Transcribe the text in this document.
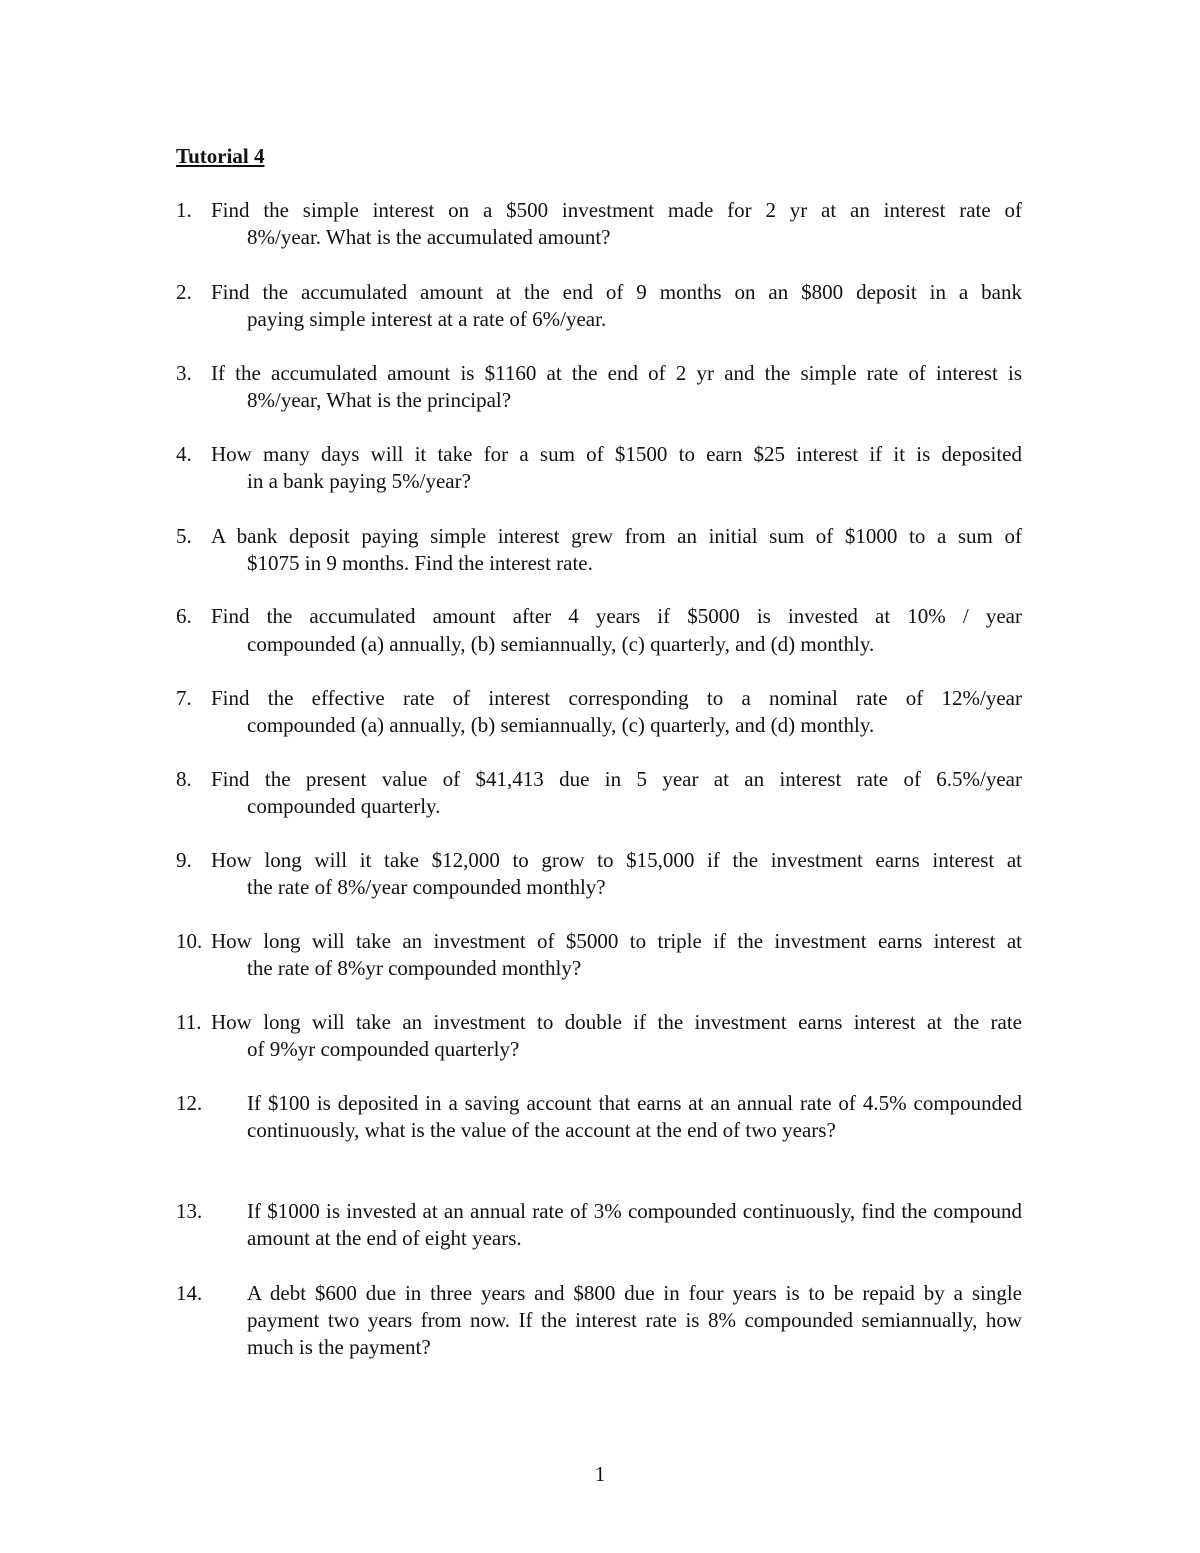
Tutorial 4
1. Find the simple interest on a $500 investment made for 2 yr at an interest rate of
8%/year. What is the accumulated amount?
2. Find the accumulated amount at the end of 9 months on an $800 deposit in a bank
paying simple interest at a rate of 6%/year.
3. If the accumulated amount is $1160 at the end of 2 yr and the simple rate of interest is
8%/year, What is the principal?
4. How many days will it take for a sum of $1500 to earn $25 interest if it is deposited
in a bank paying 5%/year?
5. A bank deposit paying simple interest grew from an initial sum of $1000 to a sum of
$1075 in 9 months. Find the interest rate.
6. Find the accumulated amount after 4 years if $5000 is invested at 10% / year
compounded (a) annually, (b) semiannually, (c) quarterly, and (d) monthly.
7. Find the effective rate of interest corresponding to a nominal rate of 12%/year
compounded (a) annually, (b) semiannually, (c) quarterly, and (d) monthly.
8. Find the present value of $41,413 due in 5 year at an interest rate of 6.5%/year
compounded quarterly.
9. How long will it take $12,000 to grow to $15,000 if the investment earns interest at
the rate of 8%/year compounded monthly?
10. How long will take an investment of $5000 to triple if the investment earns interest at
the rate of 8%yr compounded monthly?
11. How long will take an investment to double if the investment earns interest at the rate
of 9%yr compounded quarterly?
12. If $100 is deposited in a saving account that earns at an annual rate of 4.5% compounded continuously, what is the value of the account at the end of two years?
13. If $1000 is invested at an annual rate of 3% compounded continuously, find the compound amount at the end of eight years.
14. A debt $600 due in three years and $800 due in four years is to be repaid by a single payment two years from now. If the interest rate is 8% compounded semiannually, how much is the payment?
1
